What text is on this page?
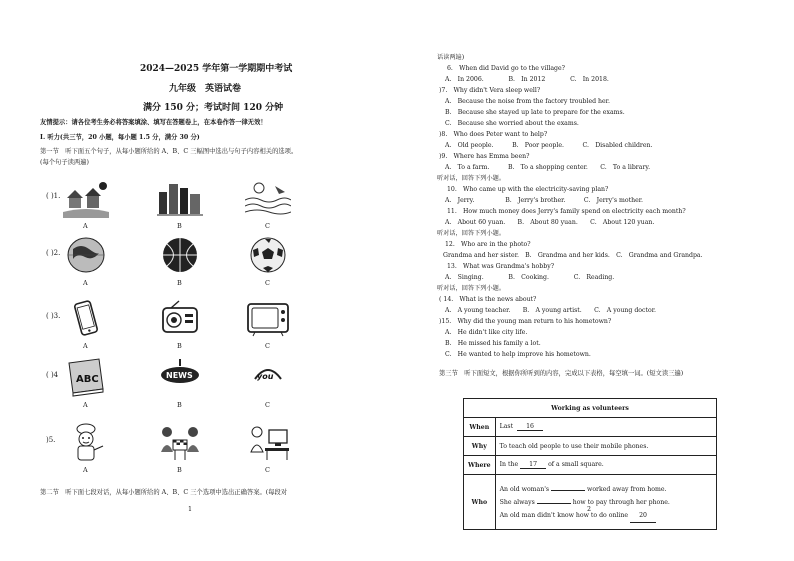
2024—2025 学年第一学期期中考试
九年级　英语试卷
满分 150 分；考试时间 120 分钟
友情提示：请各位考生务必将答案填涂、填写在答题卷上，在本卷作答一律无效！
I. 听力(共三节，20 小题，每小题 1.5 分，满分 30 分)
第一节　听下面五个句子，从每小题所给的 A、B、C 三幅图中选出与句子内容相关的选项。
(每个句子读两遍)
( )1.
A	B	C
( )2.
A	B	C
( )3.
A	B	C
( )4 ABC
A
NEWS
B
you
C
)5.
A	B	C
第二节　听下面七段对话，从每小题所给的 A、B、C 三个选项中选出正确答案。(每段对
1
话读两遍)
6.　When did David go to the village?
A.　In 2006.　　　　B.　In 2012　　　　C.　In 2018.
)7.　Why didn't Vera sleep well?
A.　Because the noise from the factory troubled her.
B.　Because she stayed up late to prepare for the exams.
C.　Because she worried about the exams.
)8.　Who does Peter want to help?
A.　Old people.　　　B.　Poor people.　　　C.　Disabled children.
)9.　Where has Emma been?
A.　To a farm.　　　B.　To a shopping center.　　C.　To a library.
听对话，回答下列小题。
10.　Who came up with the electricity-saving plan?
A.　Jerry.　　　　　B.　Jerry's brother.　　　C.　Jerry's mother.
11.　How much money does Jerry's family spend on electricity each month?
A.　About 60 yuan.　　B.　About 80 yuan.　　C.　About 120 yuan.
听对话，回答下列小题。
12.　Who are in the photo?
Grandma and her sister.　B.　Grandma and her kids.　C.　Grandma and Grandpa.
13.　What was Grandma's hobby?
A.　Singing.　　　　B.　Cooking.　　　　C.　Reading.
听对话，回答下列小题。
( 14.　What is the news about?
A.　A young teacher.　　B.　A young artist.　　C.　A young doctor.
)15.　Why did the young man return to his hometown?
A.　He didn't like city life.
B.　He missed his family a lot.
C.　He wanted to help improve his hometown.
第三节　听下面短文，根据你所听到的内容，完成以下表格，每空填一词。(短文读三遍)
Working as volunteers	
When	Last 16
Why	To teach old people to use their mobile phones.
Where	In the 17 of a small square.
Who	An old woman's worked away from home.
She always how to pay through her phone.
An old man didn't know how to do online 20
2
